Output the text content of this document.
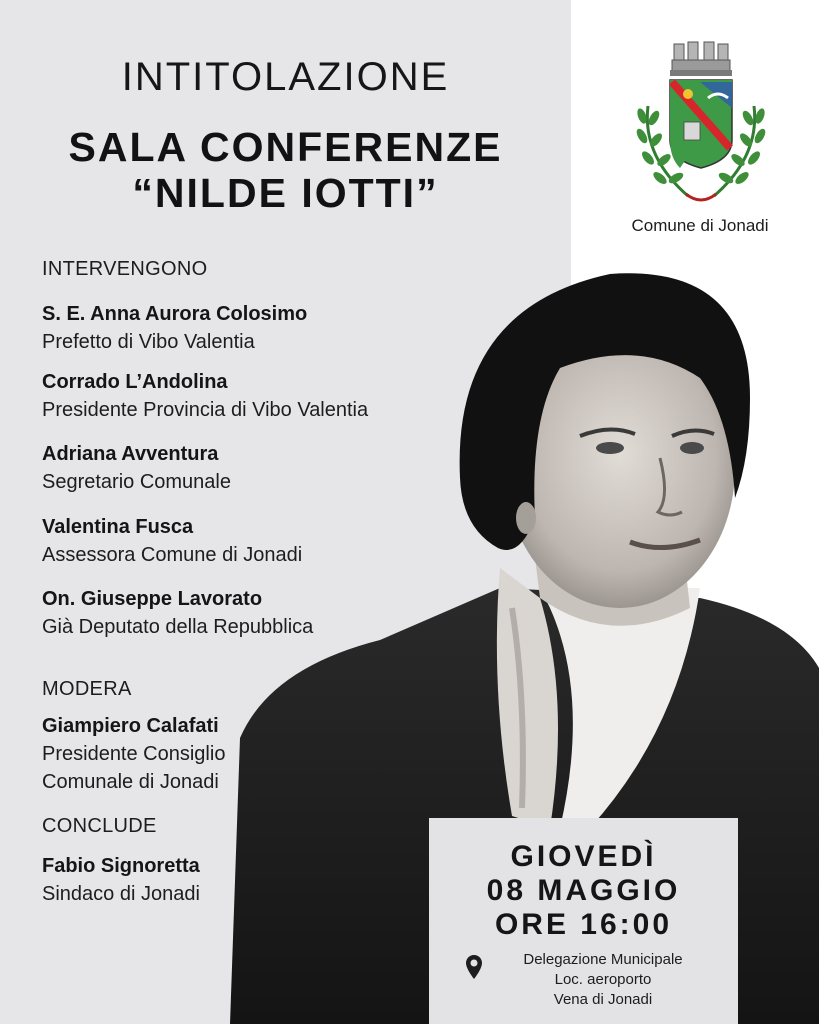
INTITOLAZIONE
SALA CONFERENZE
“NILDE IOTTI”
Comune di Jonadi
INTERVENGONO
S. E. Anna Aurora Colosimo
Prefetto di Vibo Valentia
Corrado L’Andolina
Presidente Provincia di Vibo Valentia
Adriana Avventura
Segretario Comunale
Valentina Fusca
Assessora Comune di Jonadi
On. Giuseppe Lavorato
Già Deputato della Repubblica
MODERA
Giampiero Calafati
Presidente Consiglio
Comunale di Jonadi
CONCLUDE
Fabio Signoretta
Sindaco di Jonadi
GIOVEDÌ
08 MAGGIO
ORE 16:00
Delegazione Municipale
Loc. aeroporto
Vena di Jonadi
